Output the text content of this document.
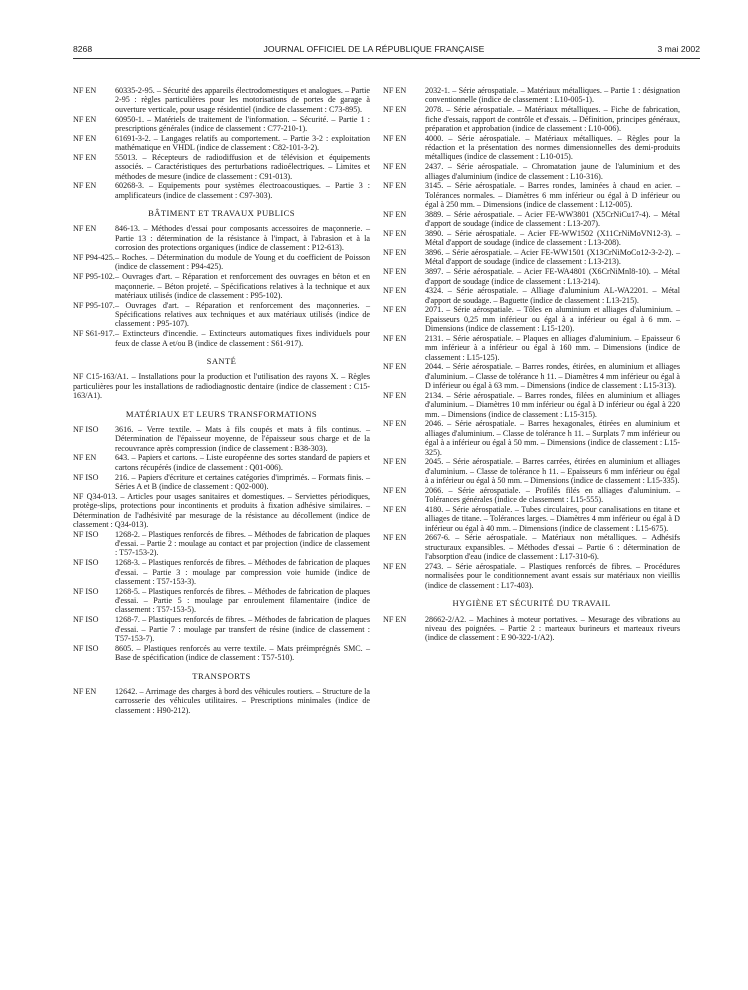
8268	JOURNAL OFFICIEL DE LA RÉPUBLIQUE FRANÇAISE	3 mai 2002
NF EN	60335-2-95. – Sécurité des appareils électrodomestiques et analogues. – Partie 2-95 : règles particulières pour les motorisations de portes de garage à ouverture verticale, pour usage résidentiel (indice de classement : C73-895).
NF EN	60950-1. – Matériels de traitement de l'information. – Sécurité. – Partie 1 : prescriptions générales (indice de classement : C77-210-1).
NF EN	61691-3-2. – Langages relatifs au comportement. – Partie 3-2 : exploitation mathématique en VHDL (indice de classement : C82-101-3-2).
NF EN	55013. – Récepteurs de radiodiffusion et de télévision et équipements associés. – Caractéristiques des perturbations radioélectriques. – Limites et méthodes de mesure (indice de classement : C91-013).
NF EN	60268-3. – Equipements pour systèmes électroacoustiques. – Partie 3 : amplificateurs (indice de classement : C97-303).
BÂTIMENT ET TRAVAUX PUBLICS
NF EN	846-13. – Méthodes d'essai pour composants accessoires de maçonnerie. – Partie 13 : détermination de la résistance à l'impact, à l'abrasion et à la corrosion des protections organiques (indice de classement : P12-613).
NF P94-425. – Roches. – Détermination du module de Young et du coefficient de Poisson (indice de classement : P94-425).
NF P95-102. – Ouvrages d'art. – Réparation et renforcement des ouvrages en béton et en maçonnerie. – Béton projeté. – Spécifications relatives à la technique et aux matériaux utilisés (indice de classement : P95-102).
NF P95-107. – Ouvrages d'art. – Réparation et renforcement des maçonneries. – Spécifications relatives aux techniques et aux matériaux utilisés (indice de classement : P95-107).
NF S61-917. – Extincteurs d'incendie. – Extincteurs automatiques fixes individuels pour feux de classe A et/ou B (indice de classement : S61-917).
SANTÉ
NF C15-163/A1. – Installations pour la production et l'utilisation des rayons X. – Règles particulières pour les installations de radiodiagnostic dentaire (indice de classement : C15-163/A1).
MATÉRIAUX ET LEURS TRANSFORMATIONS
NF ISO	3616. – Verre textile. – Mats à fils coupés et mats à fils continus. – Détermination de l'épaisseur moyenne, de l'épaisseur sous charge et de la recouvrance après compression (indice de classement : B38-303).
NF EN	643. – Papiers et cartons. – Liste européenne des sortes standard de papiers et cartons récupérés (indice de classement : Q01-006).
NF ISO	216. – Papiers d'écriture et certaines catégories d'imprimés. – Formats finis. – Séries A et B (indice de classement : Q02-000).
NF Q34-013. – Articles pour usages sanitaires et domestiques. – Serviettes périodiques, protège-slips, protections pour incontinents et produits à fixation adhésive similaires. – Détermination de l'adhésivité par mesurage de la résistance au décollement (indice de classement : Q34-013).
NF ISO	1268-2. – Plastiques renforcés de fibres. – Méthodes de fabrication de plaques d'essai. – Partie 2 : moulage au contact et par projection (indice de classement : T57-153-2).
NF ISO	1268-3. – Plastiques renforcés de fibres. – Méthodes de fabrication de plaques d'essai. – Partie 3 : moulage par compression voie humide (indice de classement : T57-153-3).
NF ISO	1268-5. – Plastiques renforcés de fibres. – Méthodes de fabrication de plaques d'essai. – Partie 5 : moulage par enroulement filamentaire (indice de classement : T57-153-5).
NF ISO	1268-7. – Plastiques renforcés de fibres. – Méthodes de fabrication de plaques d'essai. – Partie 7 : moulage par transfert de résine (indice de classement : T57-153-7).
NF ISO	8605. – Plastiques renforcés au verre textile. – Mats préimprégnés SMC. – Base de spécification (indice de classement : T57-510).
TRANSPORTS
NF EN	12642. – Arrimage des charges à bord des véhicules routiers. – Structure de la carrosserie des véhicules utilitaires. – Prescriptions minimales (indice de classement : H90-212).
NF EN	2032-1. – Série aérospatiale. – Matériaux métalliques. – Partie 1 : désignation conventionnelle (indice de classement : L10-005-1).
NF EN	2078. – Série aérospatiale. – Matériaux métalliques. – Fiche de fabrication, fiche d'essais, rapport de contrôle et d'essais. – Définition, principes généraux, préparation et approbation (indice de classement : L10-006).
NF EN	4000. – Série aérospatiale. – Matériaux métalliques. – Règles pour la rédaction et la présentation des normes dimensionnelles des demi-produits métalliques (indice de classement : L10-015).
NF EN	2437. – Série aérospatiale. – Chromatation jaune de l'aluminium et des alliages d'aluminium (indice de classement : L10-316).
NF EN	3145. – Série aérospatiale. – Barres rondes, laminées à chaud en acier. – Tolérances normales. – Diamètres 6 mm inférieur ou égal à D inférieur ou égal à 250 mm. – Dimensions (indice de classement : L12-005).
NF EN	3889. – Série aérospatiale. – Acier FE-WW3801 (X5CrNiCu17-4). – Métal d'apport de soudage (indice de classement : L13-207).
NF EN	3890. – Série aérospatiale. – Acier FE-WW1502 (X11CrNiMoVN12-3). – Métal d'apport de soudage (indice de classement : L13-208).
NF EN	3896. – Série aérospatiale. – Acier FE-WW1501 (X13CrNiMoCo12-3-2-2). – Métal d'apport de soudage (indice de classement : L13-213).
NF EN	3897. – Série aérospatiale. – Acier FE-WA4801 (X6CrNiMnl8-10). – Métal d'apport de soudage (indice de classement : L13-214).
NF EN	4324. – Série aérospatiale. – Alliage d'aluminium AL-WA2201. – Métal d'apport de soudage. – Baguette (indice de classement : L13-215).
NF EN	2071. – Série aérospatiale. – Tôles en aluminium et alliages d'aluminium. – Epaisseurs 0,25 mm inférieur ou égal à a inférieur ou égal à 6 mm. – Dimensions (indice de classement : L15-120).
NF EN	2131. – Série aérospatiale. – Plaques en alliages d'aluminium. – Epaisseur 6 mm inférieur à a inférieur ou égal à 160 mm. – Dimensions (indice de classement : L15-125).
NF EN	2044. – Série aérospatiale. – Barres rondes, étirées, en aluminium et alliages d'aluminium. – Classe de tolérance h 11. – Diamètres 4 mm inférieur ou égal à D inférieur ou égal à 63 mm. – Dimensions (indice de classement : L15-313).
NF EN	2134. – Série aérospatiale. – Barres rondes, filées en aluminium et alliages d'aluminium. – Diamètres 10 mm inférieur ou égal à D inférieur ou égal à 220 mm. – Dimensions (indice de classement : L15-315).
NF EN	2046. – Série aérospatiale. – Barres hexagonales, étirées en aluminium et alliages d'aluminium. – Classe de tolérance h 11. – Surplats 7 mm inférieur ou égal à a inférieur ou égal à 50 mm. – Dimensions (indice de classement : L15-325).
NF EN	2045. – Série aérospatiale. – Barres carrées, étirées en aluminium et alliages d'aluminium. – Classe de tolérance h 11. – Epaisseurs 6 mm inférieur ou égal à a inférieur ou égal à 50 mm. – Dimensions (indice de classement : L15-335).
NF EN	2066. – Série aérospatiale. – Profilés filés en alliages d'aluminium. – Tolérances générales (indice de classement : L15-555).
NF EN	4180. – Série aérospatiale. – Tubes circulaires, pour canalisations en titane et alliages de titane. – Tolérances larges. – Diamètres 4 mm inférieur ou égal à D inférieur ou égal à 40 mm. – Dimensions (indice de classement : L15-675).
NF EN	2667-6. – Série aérospatiale. – Matériaux non métalliques. – Adhésifs structuraux expansibles. – Méthodes d'essai – Partie 6 : détermination de l'absorption d'eau (indice de classement : L17-310-6).
NF EN	2743. – Série aérospatiale. – Plastiques renforcés de fibres. – Procédures normalisées pour le conditionnement avant essais sur matériaux non vieillis (indice de classement : L17-403).
HYGIÈNE ET SÉCURITÉ DU TRAVAIL
NF EN	28662-2/A2. – Machines à moteur portatives. – Mesurage des vibrations au niveau des poignées. – Partie 2 : marteaux burineurs et marteaux riveurs (indice de classement : E 90-322-1/A2).
